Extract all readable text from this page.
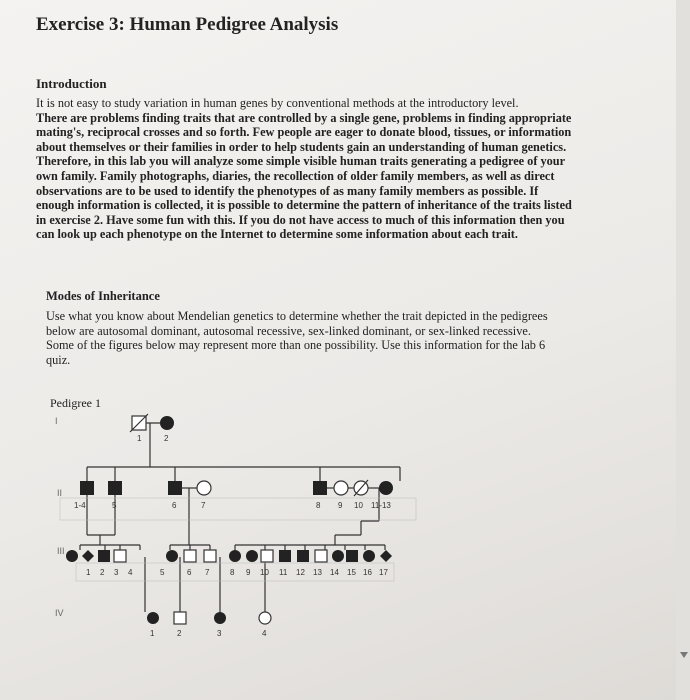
Exercise 3: Human Pedigree Analysis
Introduction
It is not easy to study variation in human genes by conventional methods at the introductory level.
There are problems finding traits that are controlled by a single gene, problems in finding appropriate
mating's, reciprocal crosses and so forth. Few people are eager to donate blood, tissues, or information
about themselves or their families in order to help students gain an understanding of human genetics.
Therefore, in this lab you will analyze some simple visible human traits generating a pedigree of your
own family. Family photographs, diaries, the recollection of older family members, as well as direct
observations are to be used to identify the phenotypes of as many family members as possible. If
enough information is collected, it is possible to determine the pattern of inheritance of the traits listed
in exercise 2. Have some fun with this. If you do not have access to much of this information then you
can look up each phenotype on the Internet to determine some information about each trait.
Modes of Inheritance
Use what you know about Mendelian genetics to determine whether the trait depicted in the pedigrees
below are autosomal dominant, autosomal recessive, sex-linked dominant, or sex-linked recessive.
Some of the figures below may represent more than one possibility. Use this information for the lab 6
quiz.
Pedigree 1
I
II
III
IV
1	2
1-4	5	6	7	8 9 10 11-13
1 2 3 4	5	6 7	8 9 10 11 12 13 14 15 16 17
1	2	3	4
